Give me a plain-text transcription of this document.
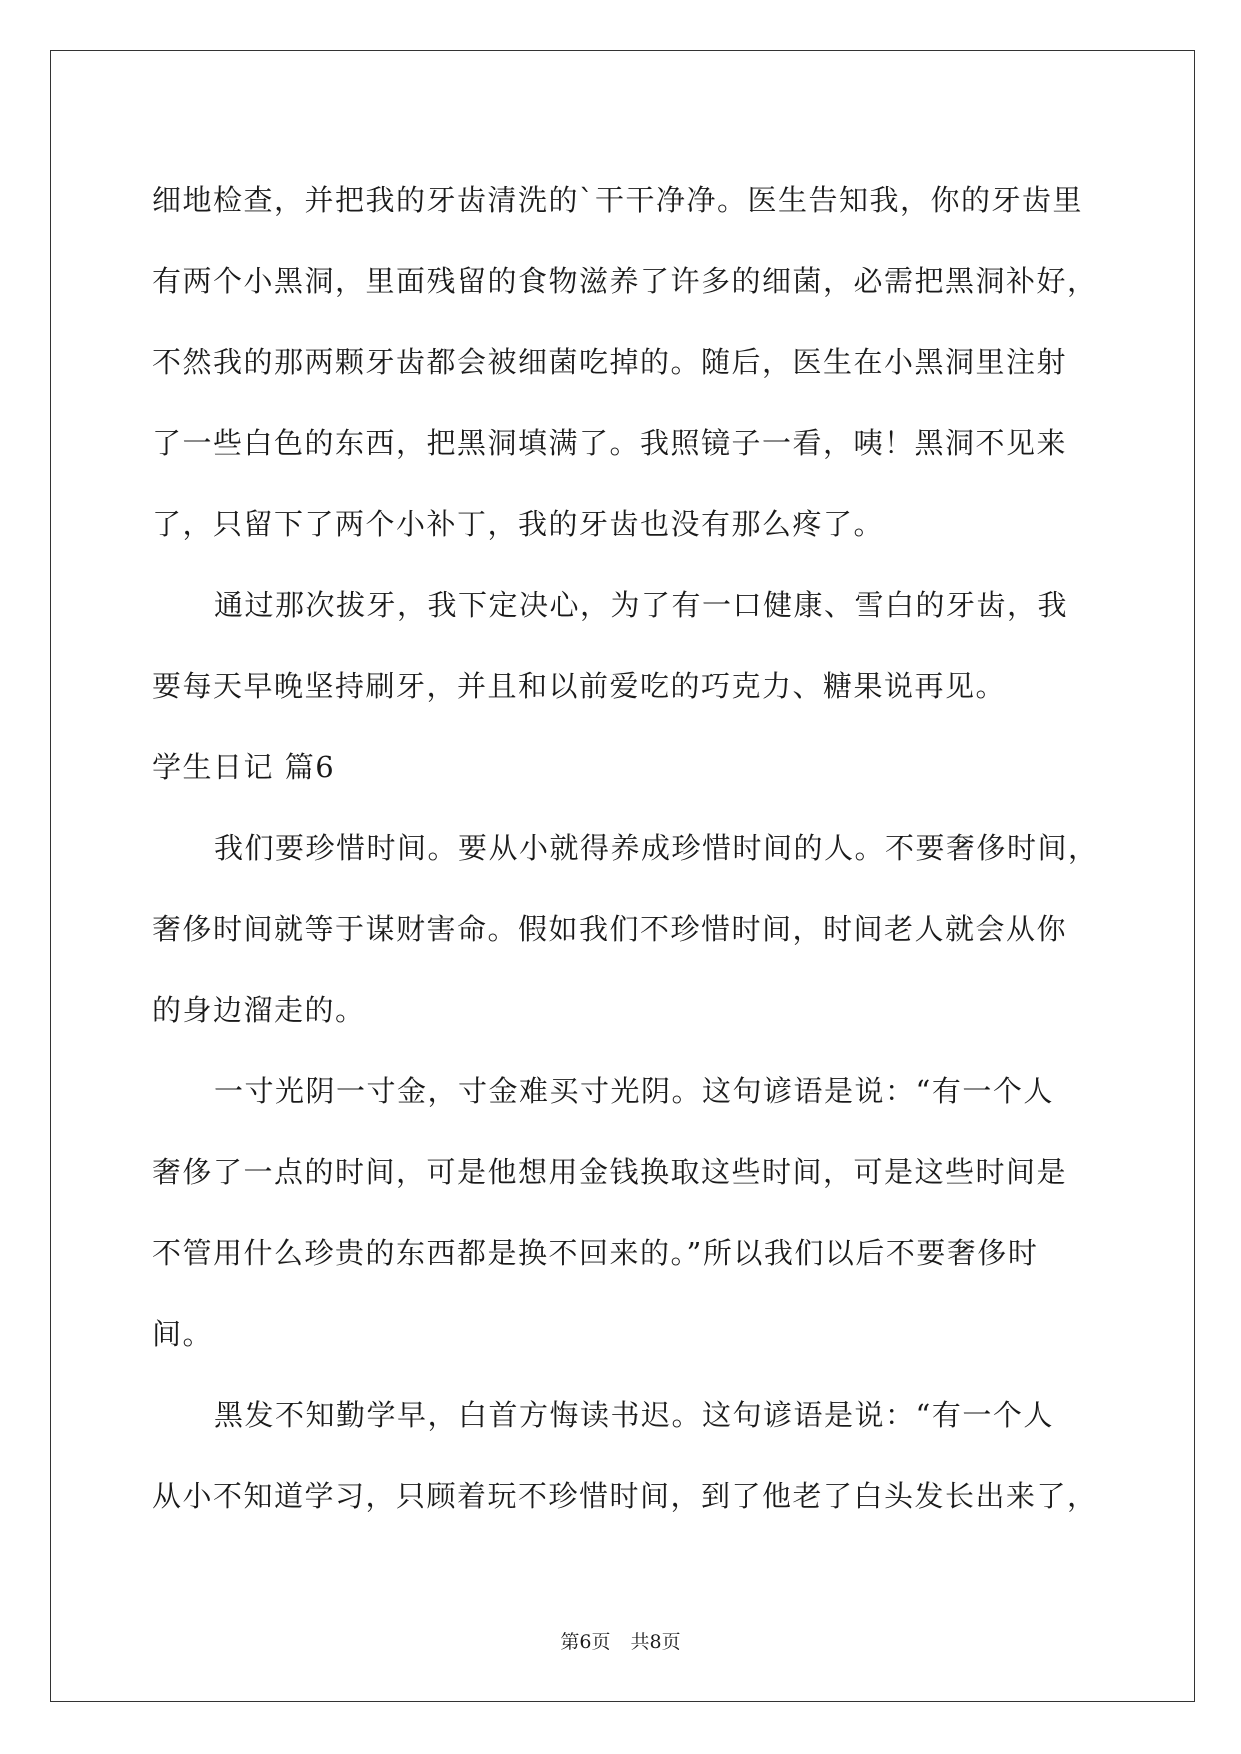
细地检查，并把我的牙齿清洗的`干干净净。医生告知我，你的牙齿里
有两个小黑洞，里面残留的食物滋养了许多的细菌，必需把黑洞补好，
不然我的那两颗牙齿都会被细菌吃掉的。随后，医生在小黑洞里注射
了一些白色的东西，把黑洞填满了。我照镜子一看，咦！黑洞不见来
了，只留下了两个小补丁，我的牙齿也没有那么疼了。
通过那次拔牙，我下定决心，为了有一口健康、雪白的牙齿，我
要每天早晚坚持刷牙，并且和以前爱吃的巧克力、糖果说再见。
学生日记 篇6
我们要珍惜时间。要从小就得养成珍惜时间的人。不要奢侈时间，
奢侈时间就等于谋财害命。假如我们不珍惜时间，时间老人就会从你
的身边溜走的。
一寸光阴一寸金，寸金难买寸光阴。这句谚语是说：“有一个人
奢侈了一点的时间，可是他想用金钱换取这些时间，可是这些时间是
不管用什么珍贵的东西都是换不回来的。”所以我们以后不要奢侈时
间。
黑发不知勤学早，白首方悔读书迟。这句谚语是说：“有一个人
从小不知道学习，只顾着玩不珍惜时间，到了他老了白头发长出来了，
第6页 共8页
